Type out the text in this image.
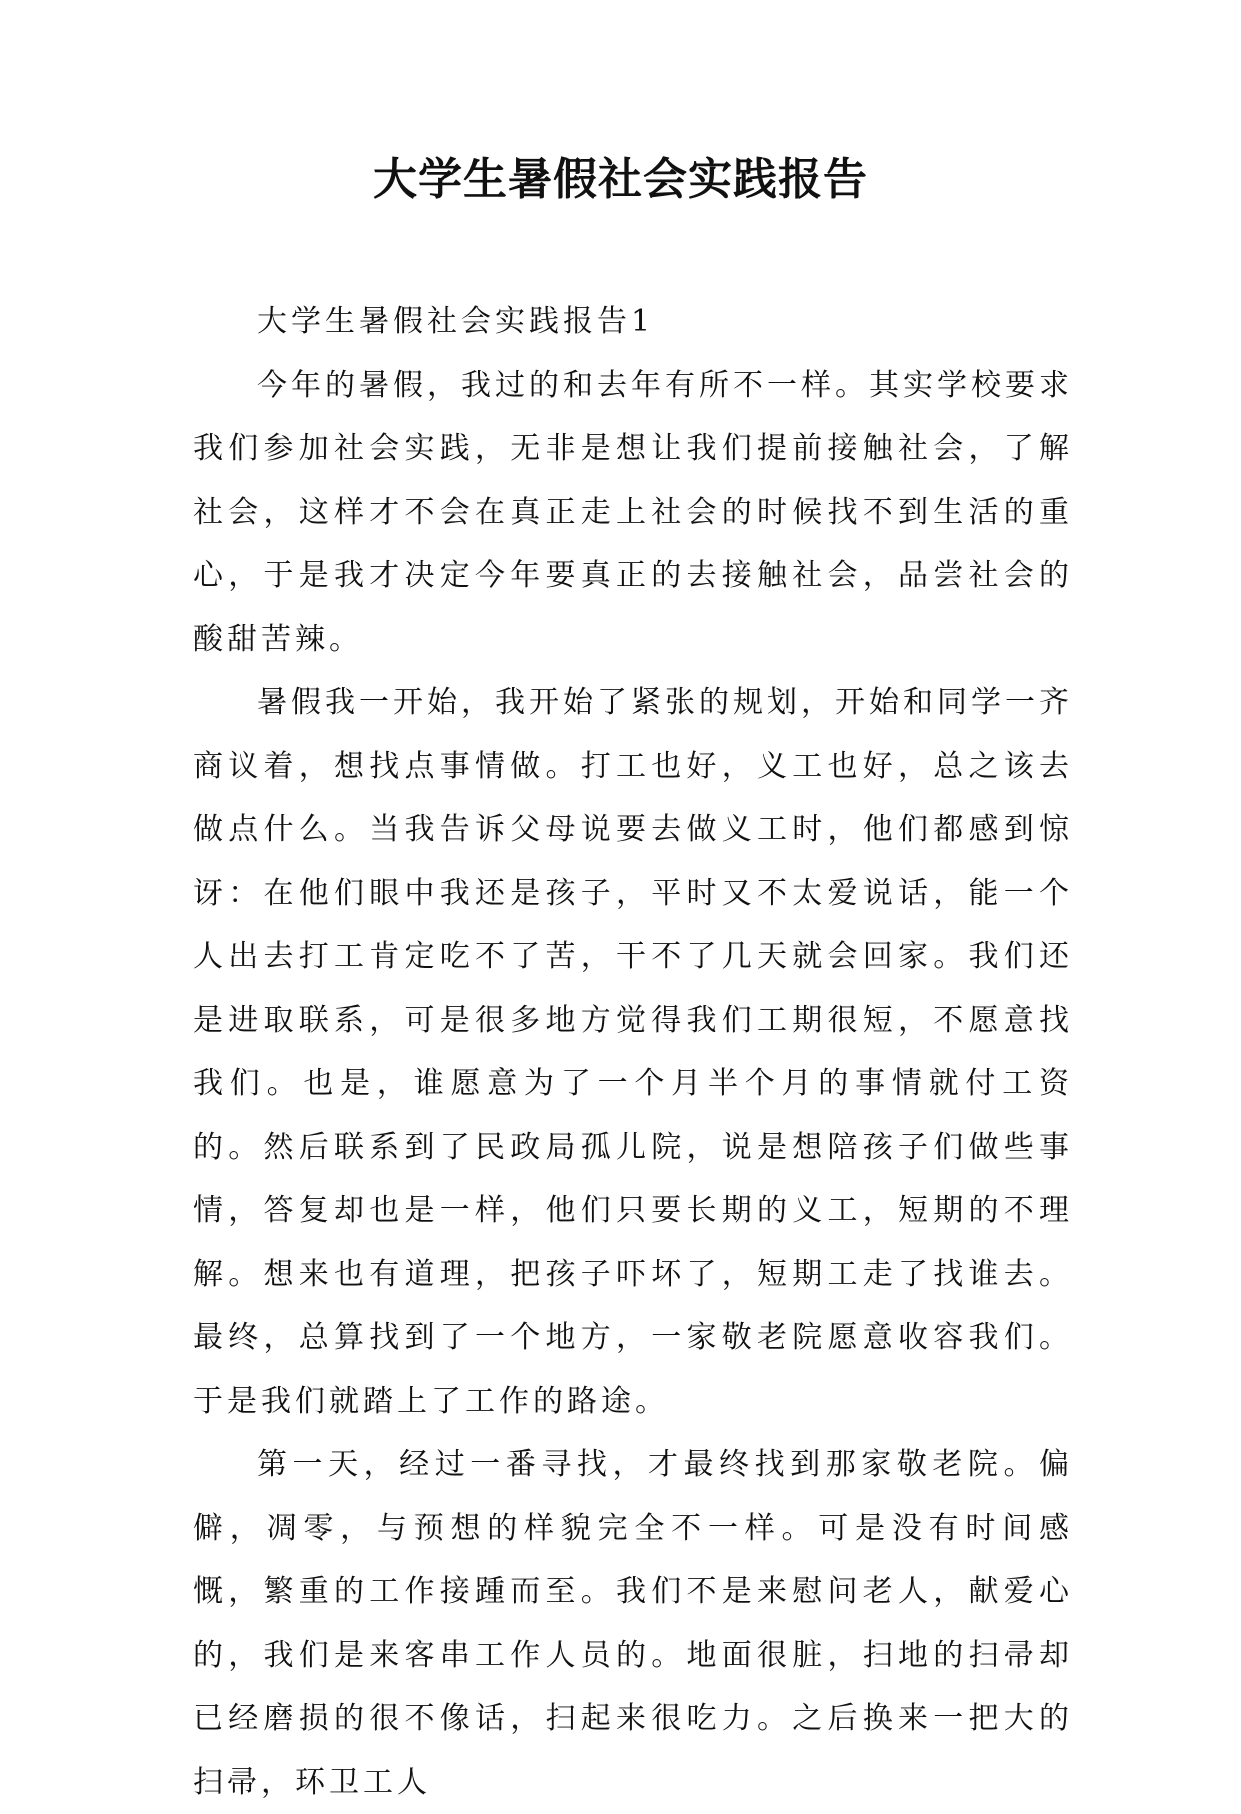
大学生暑假社会实践报告

大学生暑假社会实践报告1

今年的暑假，我过的和去年有所不一样。其实学校要求我们参加社会实践，无非是想让我们提前接触社会，了解社会，这样才不会在真正走上社会的时候找不到生活的重心，于是我才决定今年要真正的去接触社会，品尝社会的酸甜苦辣。

暑假我一开始，我开始了紧张的规划，开始和同学一齐商议着，想找点事情做。打工也好，义工也好，总之该去做点什么。当我告诉父母说要去做义工时，他们都感到惊讶：在他们眼中我还是孩子，平时又不太爱说话，能一个人出去打工肯定吃不了苦，干不了几天就会回家。我们还是进取联系，可是很多地方觉得我们工期很短，不愿意找我们。也是，谁愿意为了一个月半个月的事情就付工资的。然后联系到了民政局孤儿院，说是想陪孩子们做些事情，答复却也是一样，他们只要长期的义工，短期的不理解。想来也有道理，把孩子吓坏了，短期工走了找谁去。最终，总算找到了一个地方，一家敬老院愿意收容我们。于是我们就踏上了工作的路途。

第一天，经过一番寻找，才最终找到那家敬老院。偏僻，凋零，与预想的样貌完全不一样。可是没有时间感慨，繁重的工作接踵而至。我们不是来慰问老人，献爱心的，我们是来客串工作人员的。地面很脏，扫地的扫帚却已经磨损的很不像话，扫起来很吃力。之后换来一把大的扫帚，环卫工人
